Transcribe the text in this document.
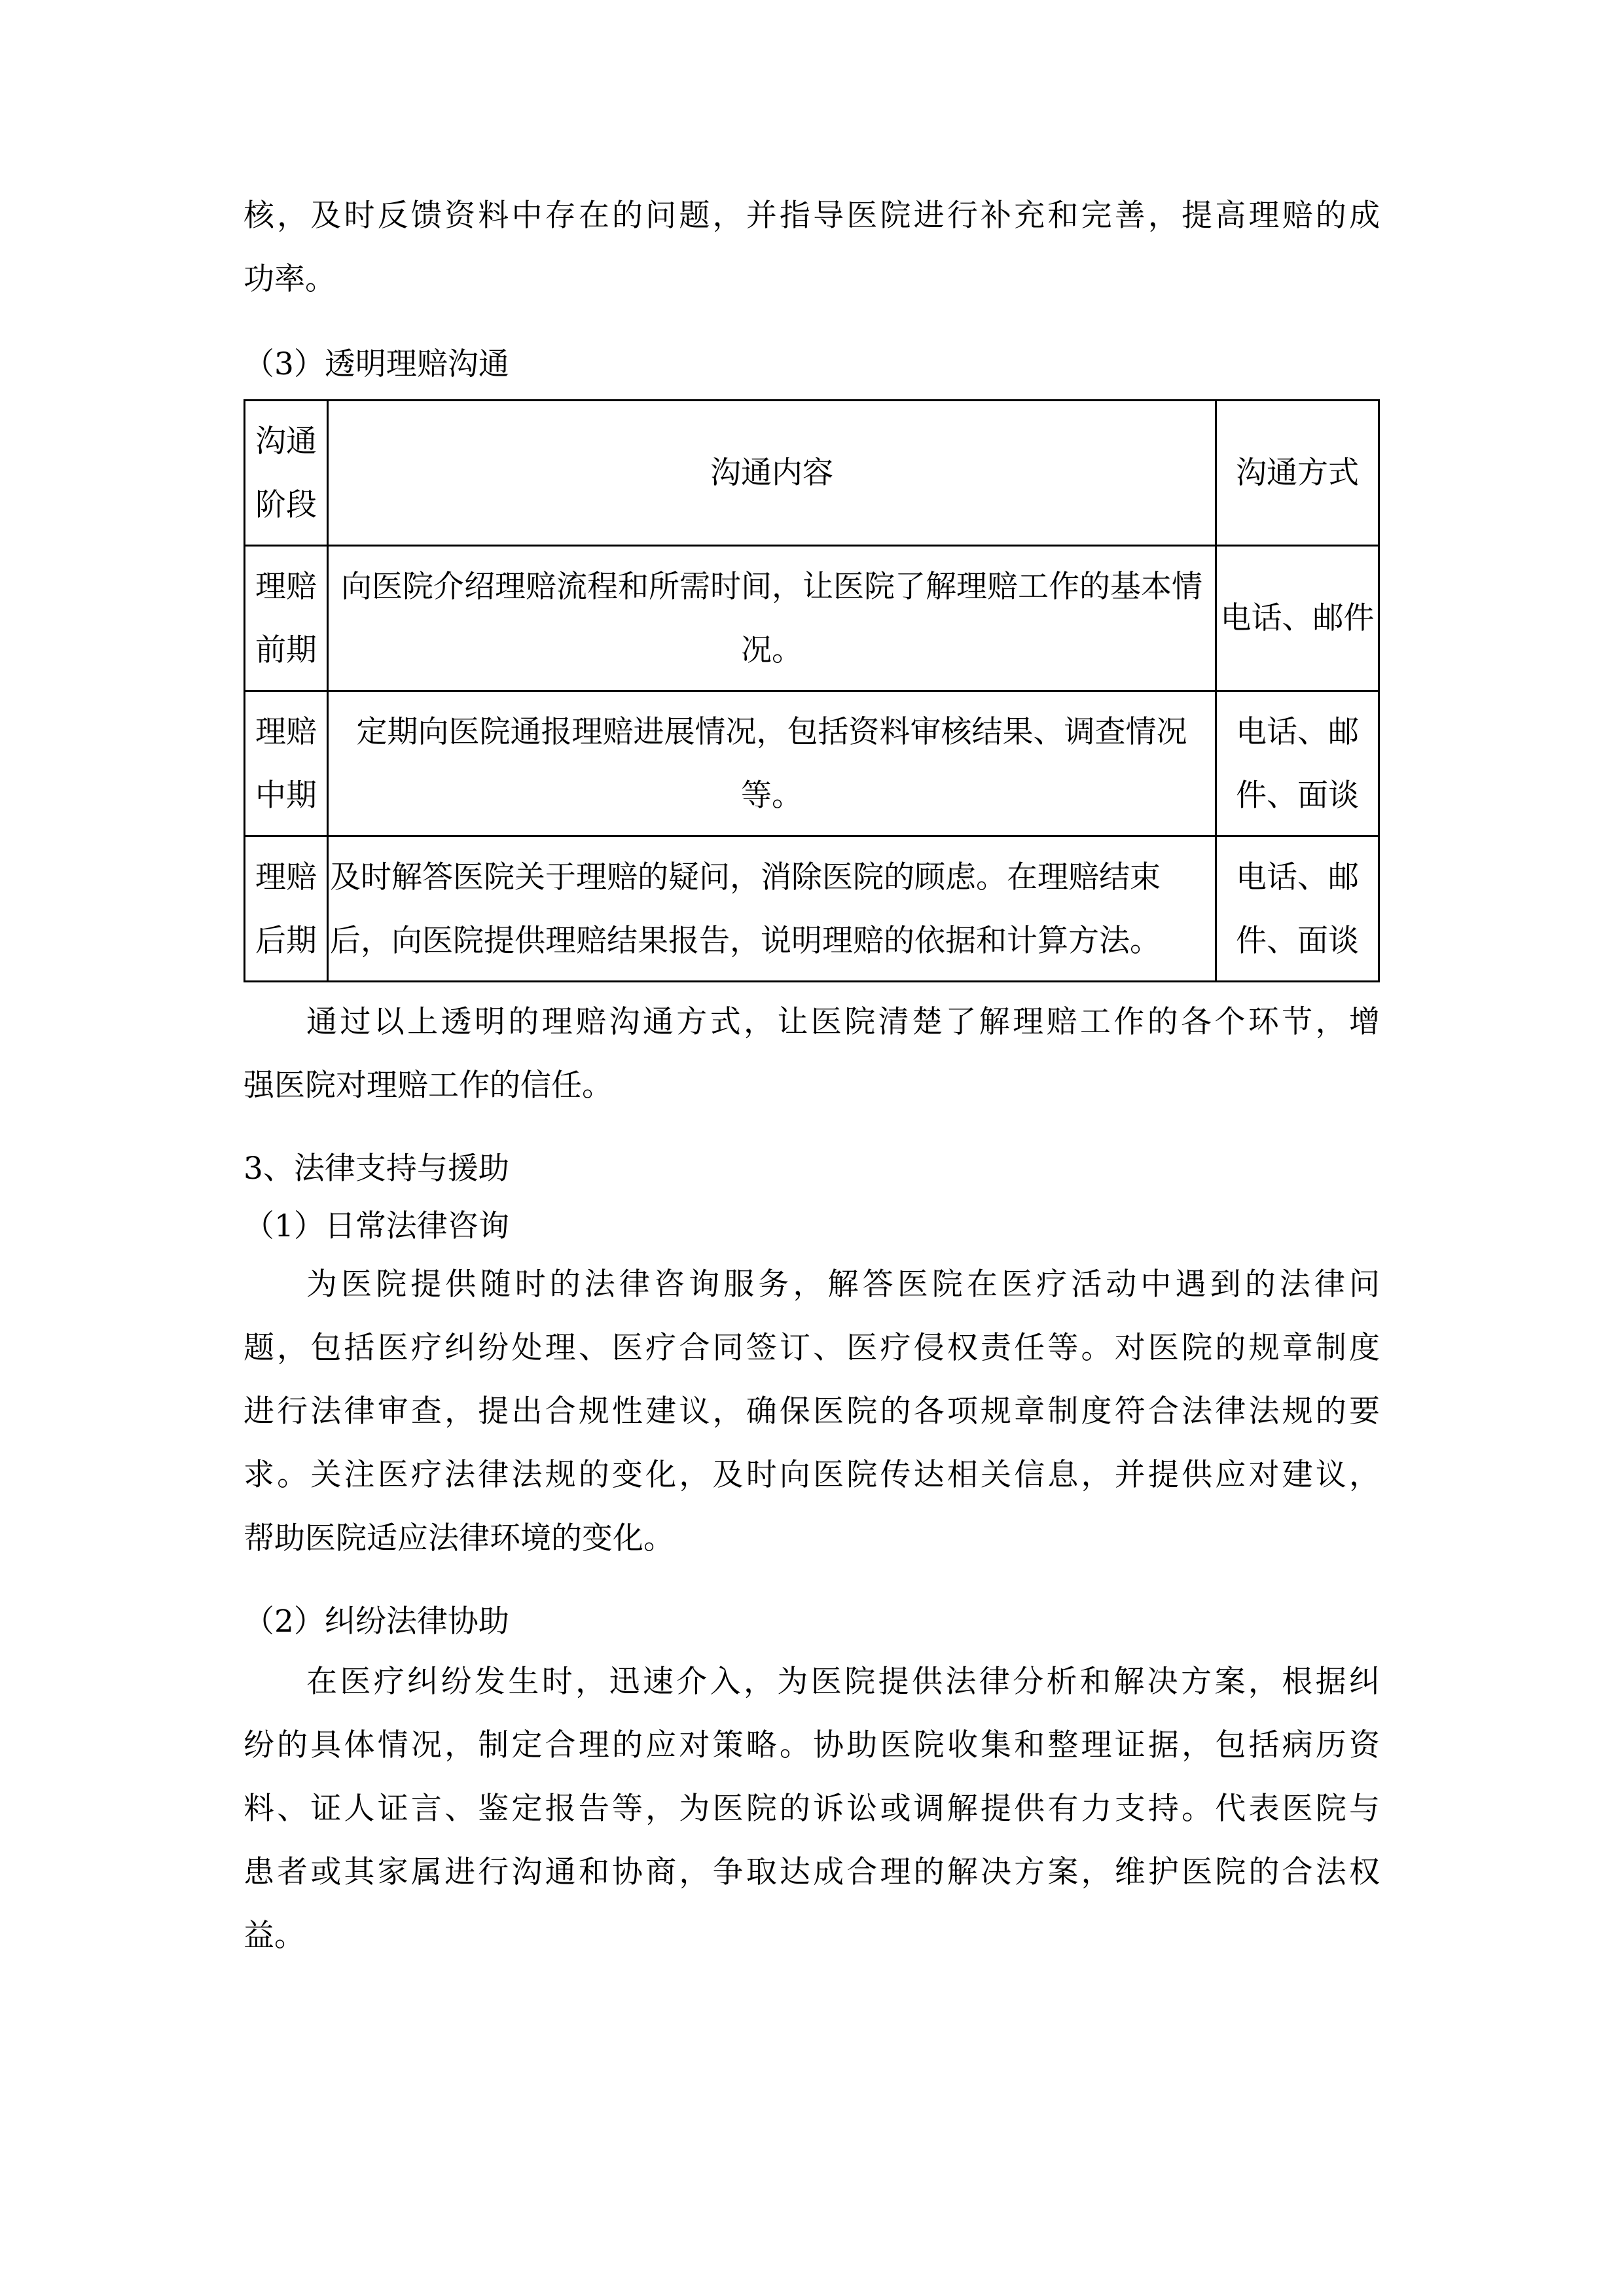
核，及时反馈资料中存在的问题，并指导医院进行补充和完善，提高理赔的成
功率。
（3）透明理赔沟通
沟通阶段	沟通内容	沟通方式

理赔前期	向医院介绍理赔流程和所需时间，让医院了解理赔工作的基本情况。	电话、邮件

理赔中期	定期向医院通报理赔进展情况，包括资料审核结果、调查情况等。	电话、邮件、面谈

理赔后期	及时解答医院关于理赔的疑问，消除医院的顾虑。在理赔结束后，向医院提供理赔结果报告，说明理赔的依据和计算方法。	电话、邮件、面谈
通过以上透明的理赔沟通方式，让医院清楚了解理赔工作的各个环节，增
强医院对理赔工作的信任。
3、法律支持与援助
（1）日常法律咨询
为医院提供随时的法律咨询服务，解答医院在医疗活动中遇到的法律问
题，包括医疗纠纷处理、医疗合同签订、医疗侵权责任等。对医院的规章制度
进行法律审查，提出合规性建议，确保医院的各项规章制度符合法律法规的要
求。关注医疗法律法规的变化，及时向医院传达相关信息，并提供应对建议，
帮助医院适应法律环境的变化。
（2）纠纷法律协助
在医疗纠纷发生时，迅速介入，为医院提供法律分析和解决方案，根据纠
纷的具体情况，制定合理的应对策略。协助医院收集和整理证据，包括病历资
料、证人证言、鉴定报告等，为医院的诉讼或调解提供有力支持。代表医院与
患者或其家属进行沟通和协商，争取达成合理的解决方案，维护医院的合法权
益。
